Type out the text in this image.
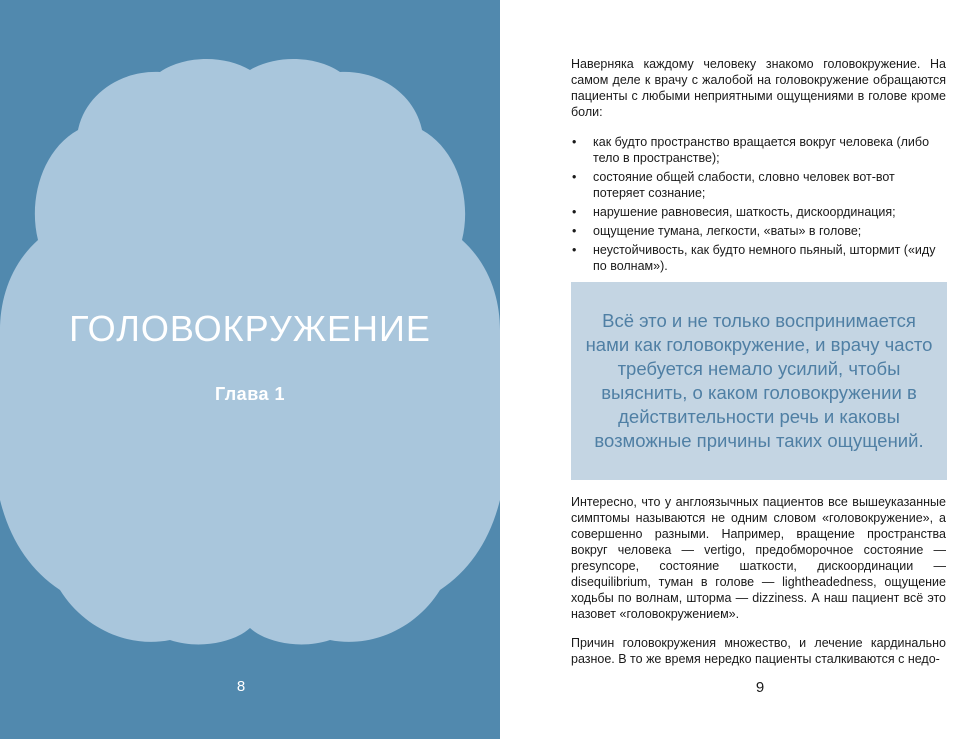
ГОЛОВОКРУЖЕНИЕ
Глава 1
8

Наверняка каждому человеку знакомо головокружение. На самом деле к врачу с жалобой на головокружение обращаются пациенты с любыми неприятными ощущениями в голове кроме боли:

• как будто пространство вращается вокруг человека (либо тело в пространстве);
• состояние общей слабости, словно человек вот-вот потеряет сознание;
• нарушение равновесия, шаткость, дискоординация;
• ощущение тумана, легкости, «ваты» в голове;
• неустойчивость, как будто немного пьяный, штормит («иду по волнам»).

Всё это и не только воспринимается нами как головокружение, и врачу часто требуется немало усилий, чтобы выяснить, о каком головокружении в действительности речь и каковы возможные причины таких ощущений.

Интересно, что у англоязычных пациентов все вышеуказанные симптомы называются не одним словом «головокружение», а совершенно разными. Например, вращение пространства вокруг человека — vertigo, предобморочное состояние — presyncope, состояние шаткости, дискоординации — disequilibrium, туман в голове — lightheadedness, ощущение ходьбы по волнам, шторма — dizziness. А наш пациент всё это назовет «головокружением».

Причин головокружения множество, и лечение кардинально разное. В то же время нередко пациенты сталкиваются с недо-

9
